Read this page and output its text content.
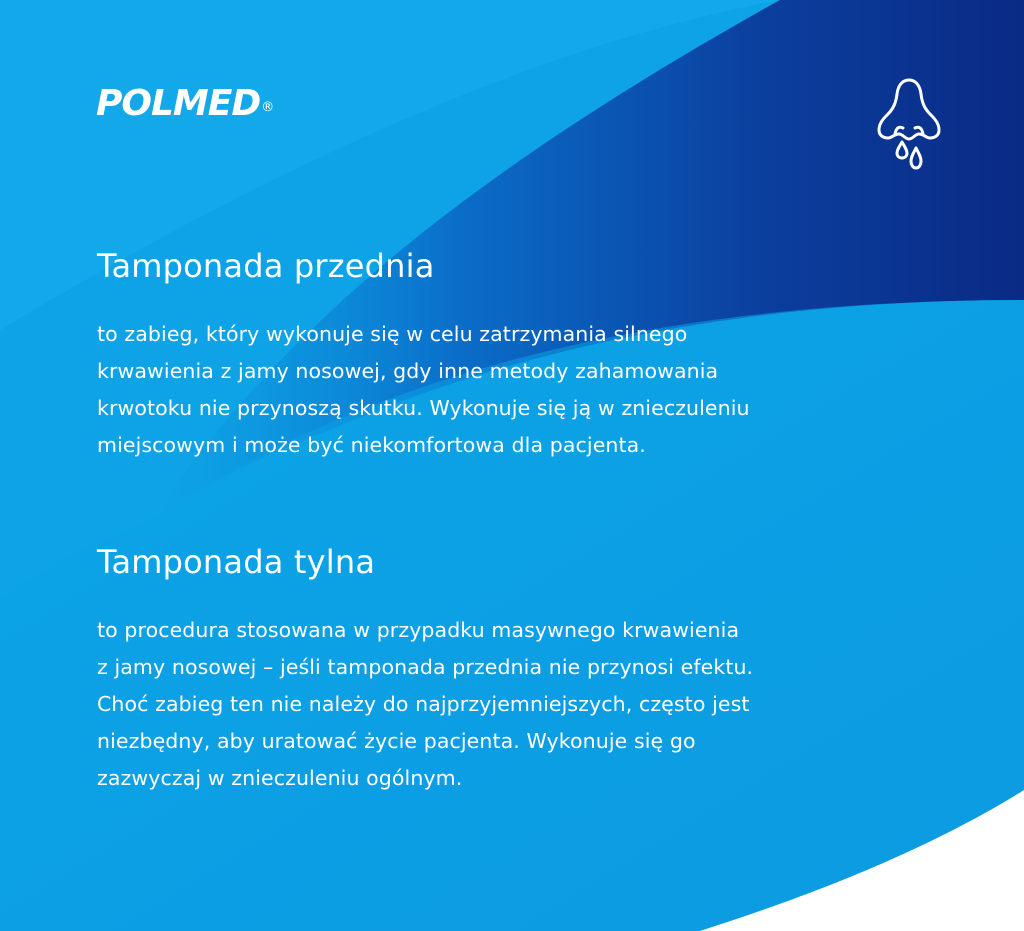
POLMED®
Tamponada przednia

to zabieg, który wykonuje się w celu zatrzymania silnego
krwawienia z jamy nosowej, gdy inne metody zahamowania
krwotoku nie przynoszą skutku. Wykonuje się ją w znieczuleniu
miejscowym i może być niekomfortowa dla pacjenta.

Tamponada tylna

to procedura stosowana w przypadku masywnego krwawienia
z jamy nosowej – jeśli tamponada przednia nie przynosi efektu.
Choć zabieg ten nie należy do najprzyjemniejszych, często jest
niezbędny, aby uratować życie pacjenta. Wykonuje się go
zazwyczaj w znieczuleniu ogólnym.
